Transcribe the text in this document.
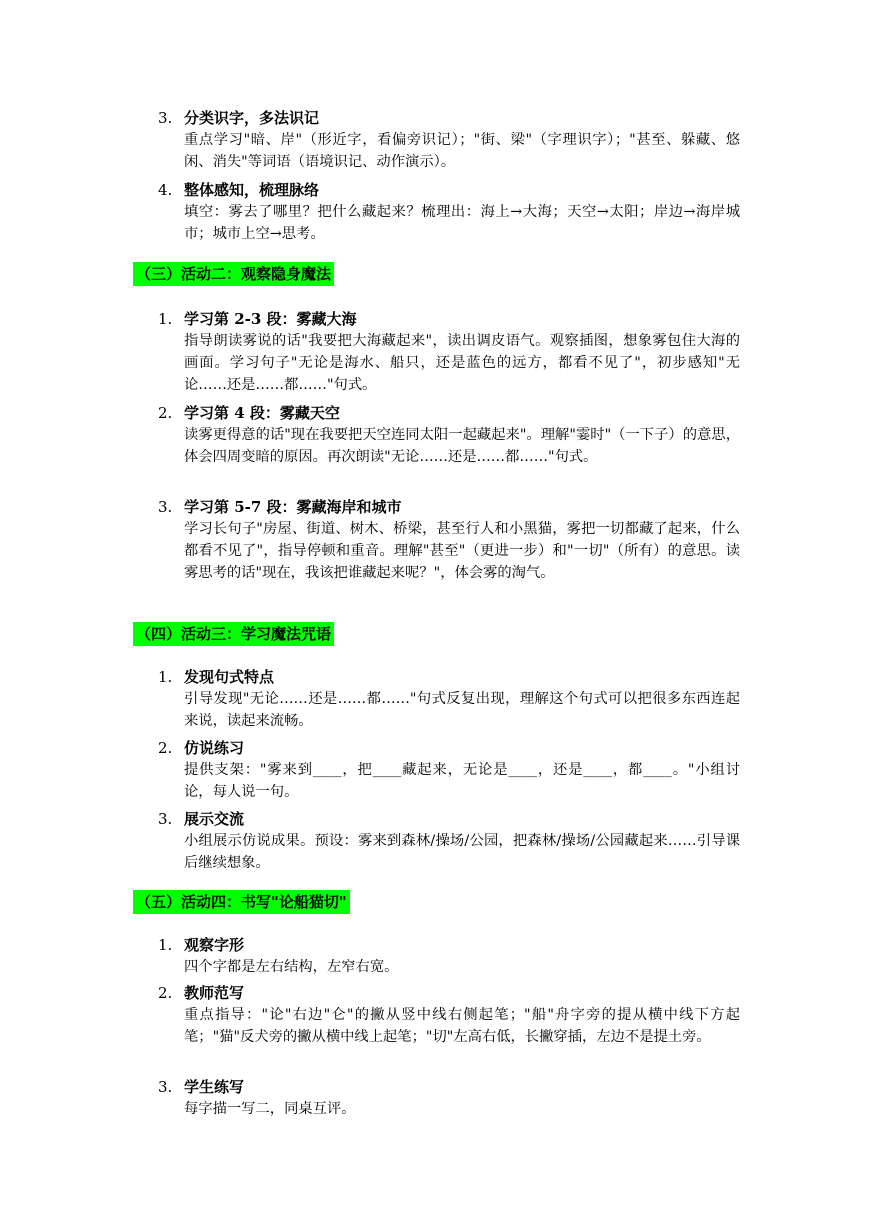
3. 分类识字，多法识记
重点学习"暗、岸"（形近字，看偏旁识记）；"街、梁"（字理识字）；"甚至、躲藏、悠闲、消失"等词语（语境识记、动作演示）。
4. 整体感知，梳理脉络
填空：雾去了哪里？把什么藏起来？梳理出：海上→大海；天空→太阳；岸边→海岸城市；城市上空→思考。
（三）活动二：观察隐身魔法
1. 学习第 2-3 段：雾藏大海
指导朗读雾说的话"我要把大海藏起来"，读出调皮语气。观察插图，想象雾包住大海的画面。学习句子"无论是海水、船只，还是蓝色的远方，都看不见了"，初步感知"无论……还是……都……"句式。
2. 学习第 4 段：雾藏天空
读雾更得意的话"现在我要把天空连同太阳一起藏起来"。理解"霎时"（一下子）的意思，体会四周变暗的原因。再次朗读"无论……还是……都……"句式。
3. 学习第 5-7 段：雾藏海岸和城市
学习长句子"房屋、街道、树木、桥梁，甚至行人和小黑猫，雾把一切都藏了起来，什么都看不见了"，指导停顿和重音。理解"甚至"（更进一步）和"一切"（所有）的意思。读雾思考的话"现在，我该把谁藏起来呢？"，体会雾的淘气。
（四）活动三：学习魔法咒语
1. 发现句式特点
引导发现"无论……还是……都……"句式反复出现，理解这个句式可以把很多东西连起来说，读起来流畅。
2. 仿说练习
提供支架："雾来到____，把____藏起来，无论是____，还是____，都____。"小组讨论，每人说一句。
3. 展示交流
小组展示仿说成果。预设：雾来到森林/操场/公园，把森林/操场/公园藏起来……引导课后继续想象。
（五）活动四：书写"论船猫切"
1. 观察字形
四个字都是左右结构，左窄右宽。
2. 教师范写
重点指导："论"右边"仑"的撇从竖中线右侧起笔；"船"舟字旁的提从横中线下方起笔；"猫"反犬旁的撇从横中线上起笔；"切"左高右低，长撇穿插，左边不是提土旁。
3. 学生练写
每字描一写二，同桌互评。
